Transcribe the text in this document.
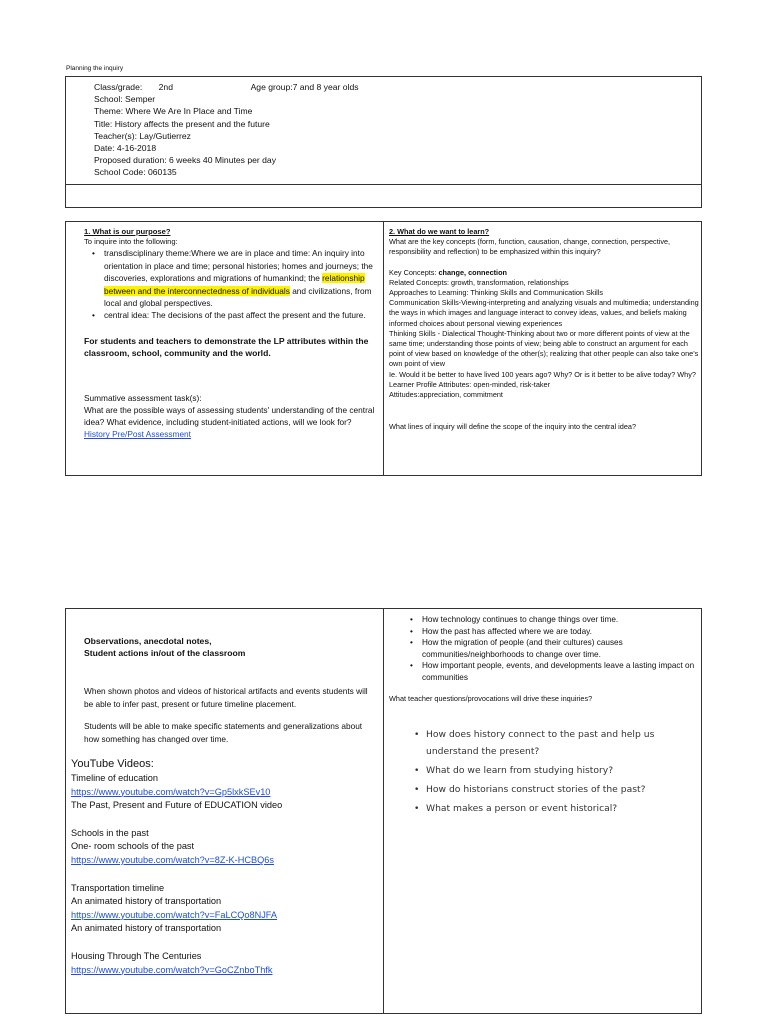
Planning the inquiry
Class/grade: 2nd	Age group:7 and 8 year olds
School: Semper
Theme: Where We Are In Place and Time
Title: History affects the present and the future
Teacher(s): Lay/Gutierrez
Date: 4-16-2018
Proposed duration: 6 weeks 40 Minutes per day
School Code: 060135
1. What is our purpose?
To inquire into the following:
• transdisciplinary theme:Where we are in place and time: An inquiry into orientation in place and time; personal histories; homes and journeys; the discoveries, explorations and migrations of humankind; the relationship between and the interconnectedness of individuals and civilizations, from local and global perspectives.
• central idea: The decisions of the past affect the present and the future.
For students and teachers to demonstrate the LP attributes within the classroom, school, community and the world.
Summative assessment task(s):
What are the possible ways of assessing students' understanding of the central idea? What evidence, including student-initiated actions, will we look for?
History Pre/Post Assessment
2. What do we want to learn?
What are the key concepts (form, function, causation, change, connection, perspective, responsibility and reflection) to be emphasized within this inquiry?
Key Concepts: change, connection
Related Concepts: growth, transformation, relationships
Approaches to Learning: Thinking Skills and Communication Skills
Communication Skills-Viewing-interpreting and analyzing visuals and multimedia; understanding the ways in which images and language interact to convey ideas, values, and beliefs making informed choices about personal viewing experiences
Thinking Skills - Dialectical Thought-Thinking about two or more different points of view at the same time; understanding those points of view; being able to construct an argument for each point of view based on knowledge of the other(s); realizing that other people can also take one's own point of view
Ie. Would it be better to have lived 100 years ago? Why? Or is it better to be alive today? Why?
Learner Profile Attributes: open-minded, risk-taker
Attitudes:appreciation, commitment
What lines of inquiry will define the scope of the inquiry into the central idea?
Observations, anecdotal notes,
Student actions in/out of the classroom
When shown photos and videos of historical artifacts and events students will be able to infer past, present or future timeline placement.
Students will be able to make specific statements and generalizations about how something has changed over time.
YouTube Videos:
Timeline of education
https://www.youtube.com/watch?v=Gp5lxkSEv10
The Past, Present and Future of EDUCATION video
Schools in the past
One- room schools of the past
https://www.youtube.com/watch?v=8Z-K-HCBQ6s
Transportation timeline
An animated history of transportation
https://www.youtube.com/watch?v=FaLCQo8NJFA
An animated history of transportation
Housing Through The Centuries
https://www.youtube.com/watch?v=GoCZnboThfk
• How technology continues to change things over time.
• How the past has affected where we are today.
• How the migration of people (and their cultures) causes communities/neighborhoods to change over time.
• How important people, events, and developments leave a lasting impact on communities
What teacher questions/provocations will drive these inquiries?
• How does history connect to the past and help us understand the present?
• What do we learn from studying history?
• How do historians construct stories of the past?
• What makes a person or event historical?
